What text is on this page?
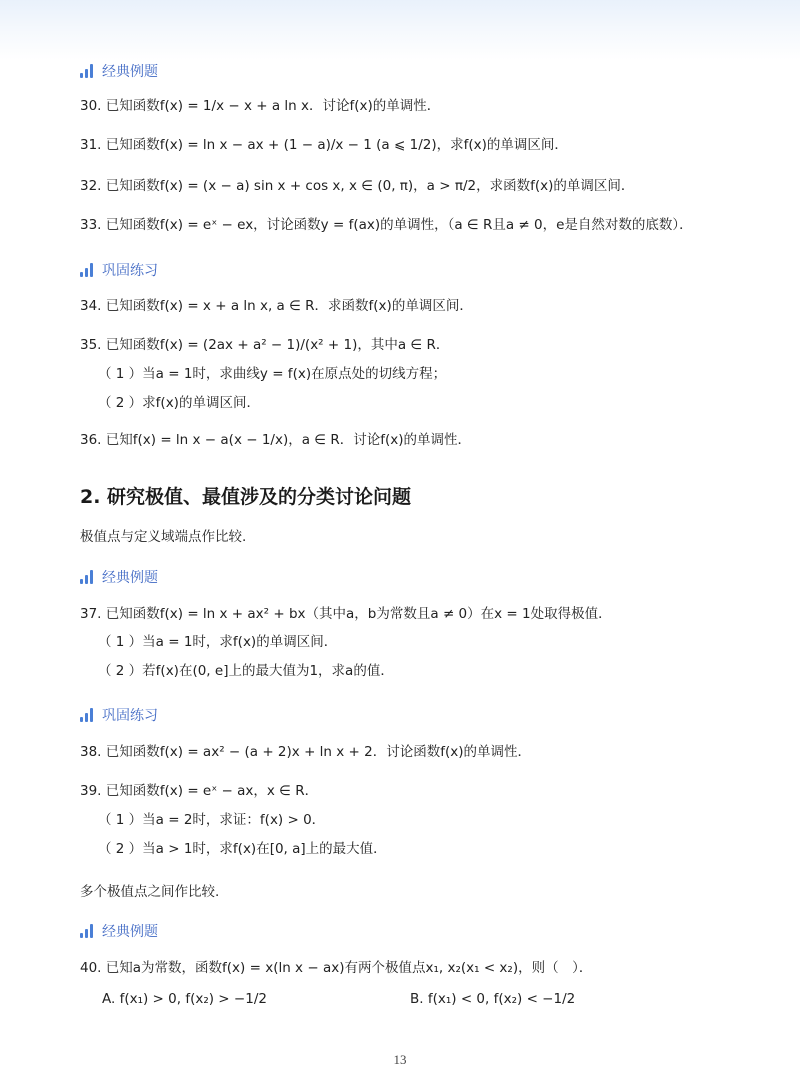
经典例题
30. 已知函数f(x) = 1/x − x + a ln x．讨论f(x)的单调性．
31. 已知函数f(x) = ln x − ax + (1 − a)/x − 1 (a ⩽ 1/2)，求f(x)的单调区间．
32. 已知函数f(x) = (x − a) sin x + cos x, x ∈ (0, π)，a > π/2，求函数f(x)的单调区间．
33. 已知函数f(x) = eˣ − ex，讨论函数y = f(ax)的单调性，（a ∈ R且a ≠ 0，e是自然对数的底数）．
巩固练习
34. 已知函数f(x) = x + a ln x, a ∈ R．求函数f(x)的单调区间．
35. 已知函数f(x) = (2ax + a² − 1)/(x² + 1)，其中a ∈ R．
（ 1 ）当a = 1时，求曲线y = f(x)在原点处的切线方程；
（ 2 ）求f(x)的单调区间．
36. 已知f(x) = ln x − a(x − 1/x)，a ∈ R．讨论f(x)的单调性．
2. 研究极值、最值涉及的分类讨论问题
极值点与定义域端点作比较.
经典例题
37. 已知函数f(x) = ln x + ax² + bx（其中a，b为常数且a ≠ 0）在x = 1处取得极值．
（ 1 ）当a = 1时，求f(x)的单调区间．
（ 2 ）若f(x)在(0, e]上的最大值为1，求a的值．
巩固练习
38. 已知函数f(x) = ax² − (a + 2)x + ln x + 2．讨论函数f(x)的单调性．
39. 已知函数f(x) = eˣ − ax，x ∈ R．
（ 1 ）当a = 2时，求证：f(x) > 0．
（ 2 ）当a > 1时，求f(x)在[0, a]上的最大值．
多个极值点之间作比较.
经典例题
40. 已知a为常数，函数f(x) = x(ln x − ax)有两个极值点x₁, x₂(x₁ < x₂)，则（　）．
A. f(x₁) > 0, f(x₂) > −1/2	B. f(x₁) < 0, f(x₂) < −1/2
13
